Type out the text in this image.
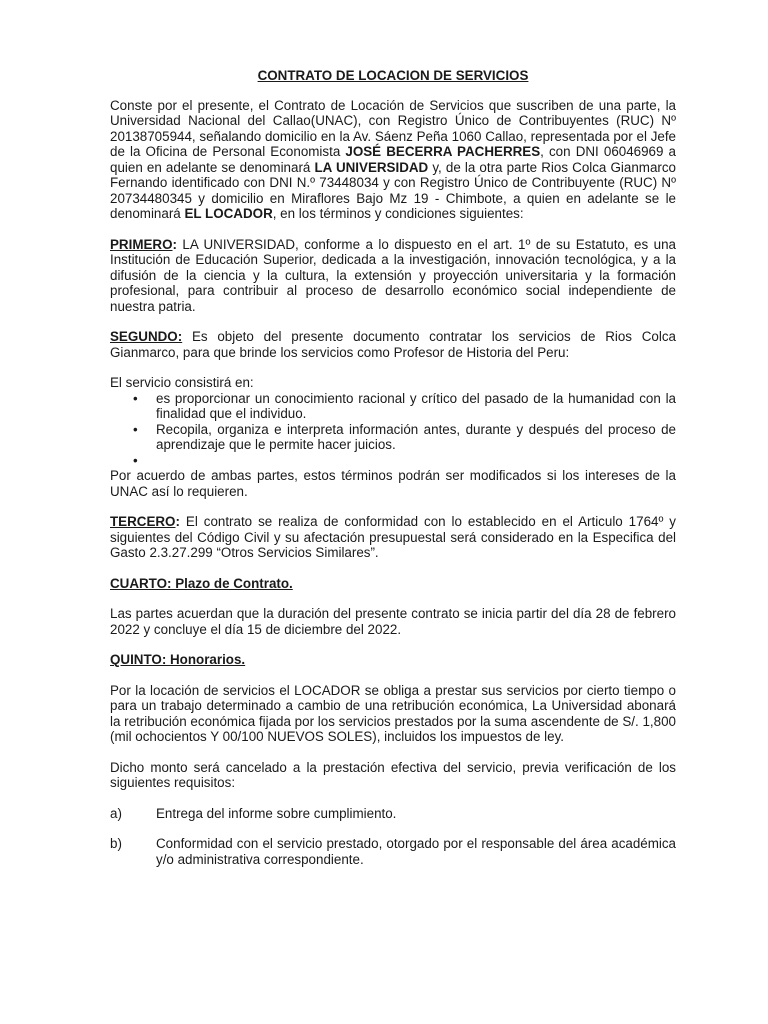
CONTRATO DE LOCACION DE SERVICIOS

Conste por el presente, el Contrato de Locación de Servicios que suscriben de una parte, la Universidad Nacional del Callao(UNAC), con Registro Único de Contribuyentes (RUC) Nº 20138705944, señalando domicilio en la Av. Sáenz Peña 1060 Callao, representada por el Jefe de la Oficina de Personal Economista JOSÉ BECERRA PACHERRES, con DNI 06046969 a quien en adelante se denominará LA UNIVERSIDAD y, de la otra parte Rios Colca Gianmarco Fernando identificado con DNI N.º 73448034 y con Registro Único de Contribuyente (RUC) Nº 20734480345 y domicilio en Miraflores Bajo Mz 19 - Chimbote, a quien en adelante se le denominará EL LOCADOR, en los términos y condiciones siguientes:

PRIMERO: LA UNIVERSIDAD, conforme a lo dispuesto en el art. 1º de su Estatuto, es una Institución de Educación Superior, dedicada a la investigación, innovación tecnológica, y a la difusión de la ciencia y la cultura, la extensión y proyección universitaria y la formación profesional, para contribuir al proceso de desarrollo económico social independiente de nuestra patria.

SEGUNDO: Es objeto del presente documento contratar los servicios de Rios Colca Gianmarco, para que brinde los servicios como Profesor de Historia del Peru:

El servicio consistirá en:

• es proporcionar un conocimiento racional y crítico del pasado de la humanidad con la finalidad que el individuo.
• Recopila, organiza e interpreta información antes, durante y después del proceso de aprendizaje que le permite hacer juicios.
•

Por acuerdo de ambas partes, estos términos podrán ser modificados si los intereses de la UNAC así lo requieren.

TERCERO: El contrato se realiza de conformidad con lo establecido en el Articulo 1764º y siguientes del Código Civil y su afectación presupuestal será considerado en la Especifica del Gasto 2.3.27.299 “Otros Servicios Similares”.

CUARTO: Plazo de Contrato.

Las partes acuerdan que la duración del presente contrato se inicia partir del día 28 de febrero 2022 y concluye el día 15 de diciembre del 2022.

QUINTO: Honorarios.

Por la locación de servicios el LOCADOR se obliga a prestar sus servicios por cierto tiempo o para un trabajo determinado a cambio de una retribución económica, La Universidad abonará la retribución económica fijada por los servicios prestados por la suma ascendente de S/. 1,800 (mil ochocientos Y 00/100 NUEVOS SOLES), incluidos los impuestos de ley.

Dicho monto será cancelado a la prestación efectiva del servicio, previa verificación de los siguientes requisitos:

a)	Entrega del informe sobre cumplimiento.
b)	Conformidad con el servicio prestado, otorgado por el responsable del área académica y/o administrativa correspondiente.
